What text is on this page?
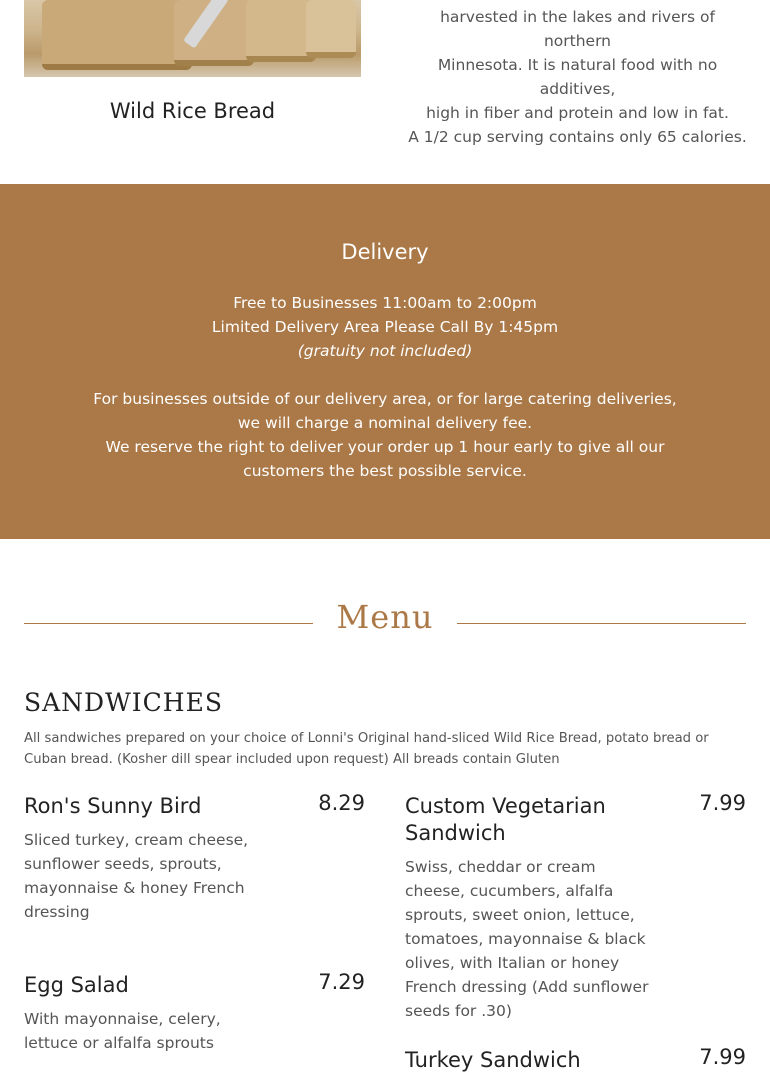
Wild Rice Bread
harvested in the lakes and rivers of northern
Minnesota. It is natural food with no additives,
high in fiber and protein and low in fat.
A 1/2 cup serving contains only 65 calories.
Delivery
Free to Businesses 11:00am to 2:00pm
Limited Delivery Area Please Call By 1:45pm
(gratuity not included)
For businesses outside of our delivery area, or for large catering deliveries, we will charge a nominal delivery fee.
We reserve the right to deliver your order up 1 hour early to give all our customers the best possible service.
Menu
SANDWICHES
All sandwiches prepared on your choice of Lonni's Original hand-sliced Wild Rice Bread, potato bread or Cuban bread. (Kosher dill spear included upon request) All breads contain Gluten
Ron's Sunny Bird
Sliced turkey, cream cheese, sunflower seeds, sprouts, mayonnaise & honey French dressing
8.29 Custom Vegetarian Sandwich
Swiss, cheddar or cream cheese, cucumbers, alfalfa sprouts, sweet onion, lettuce, tomatoes, mayonnaise & black olives, with Italian or honey French dressing (Add sunflower seeds for .30)
7.99
Egg Salad
With mayonnaise, celery, lettuce or alfalfa sprouts
7.29
Turkey Sandwich	7.99
